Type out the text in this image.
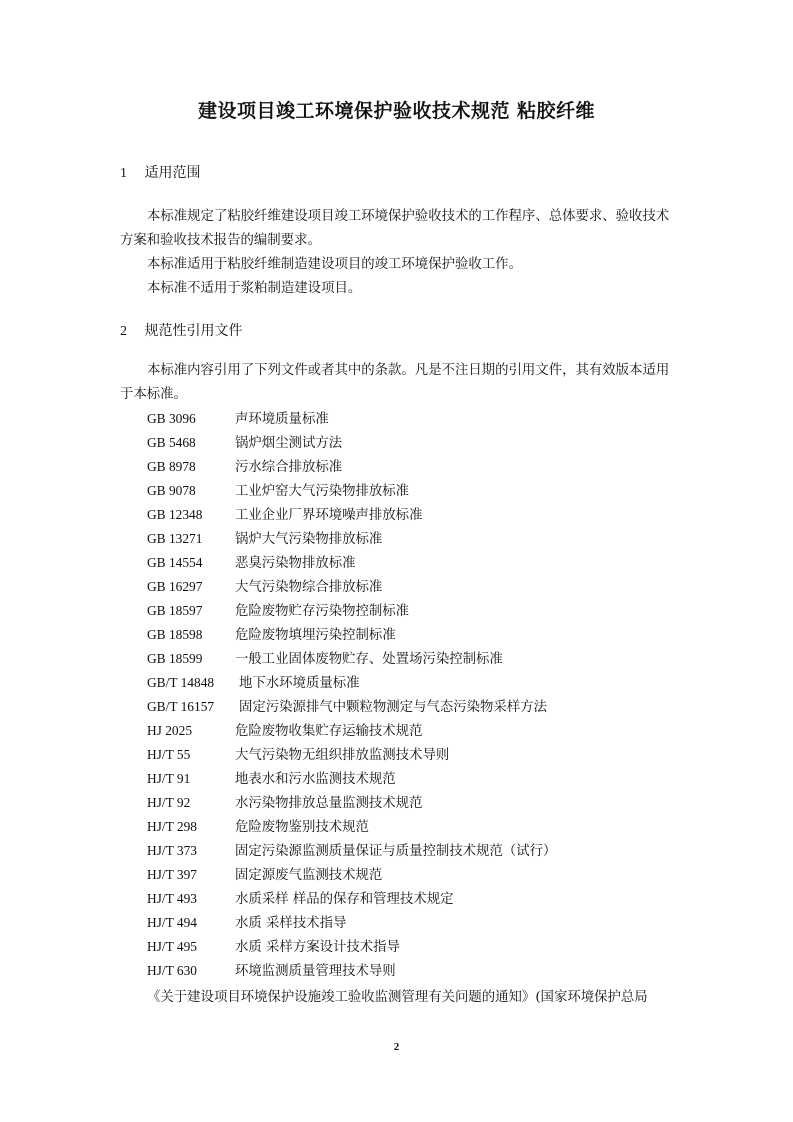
建设项目竣工环境保护验收技术规范 粘胶纤维
1 适用范围
本标准规定了粘胶纤维建设项目竣工环境保护验收技术的工作程序、总体要求、验收技术方案和验收技术报告的编制要求。
本标准适用于粘胶纤维制造建设项目的竣工环境保护验收工作。
本标准不适用于浆粕制造建设项目。
2 规范性引用文件
本标准内容引用了下列文件或者其中的条款。凡是不注日期的引用文件，其有效版本适用于本标准。
GB 3096	声环境质量标准
GB 5468	锅炉烟尘测试方法
GB 8978	污水综合排放标准
GB 9078	工业炉窑大气污染物排放标准
GB 12348 工业企业厂界环境噪声排放标准
GB 13271 锅炉大气污染物排放标准
GB 14554 恶臭污染物排放标准
GB 16297 大气污染物综合排放标准
GB 18597 危险废物贮存污染物控制标准
GB 18598 危险废物填埋污染控制标准
GB 18599 一般工业固体废物贮存、处置场污染控制标准
GB/T 14848 地下水环境质量标准
GB/T 16157 固定污染源排气中颗粒物测定与气态污染物采样方法
HJ 2025	危险废物收集贮存运输技术规范
HJ/T 55	大气污染物无组织排放监测技术导则
HJ/T 91	地表水和污水监测技术规范
HJ/T 92	水污染物排放总量监测技术规范
HJ/T 298	危险废物鉴别技术规范
HJ/T 373	固定污染源监测质量保证与质量控制技术规范（试行）
HJ/T 397	固定源废气监测技术规范
HJ/T 493	水质采样 样品的保存和管理技术规定
HJ/T 494	水质 采样技术指导
HJ/T 495	水质 采样方案设计技术指导
HJ/T 630	环境监测质量管理技术导则
《关于建设项目环境保护设施竣工验收监测管理有关问题的通知》(国家环境保护总局
2
